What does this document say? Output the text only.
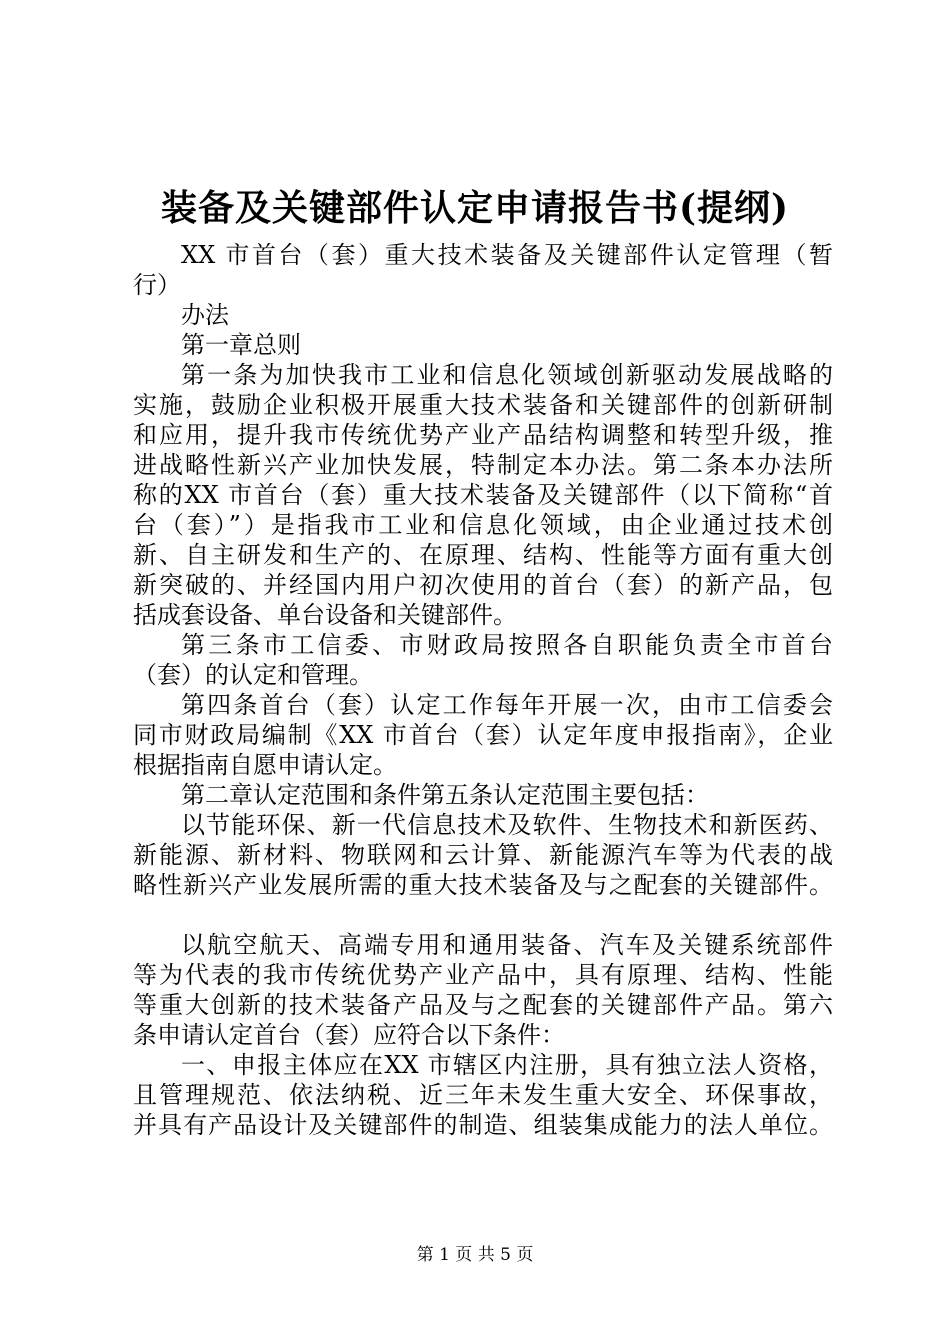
装备及关键部件认定申请报告书(提纲)
XX 市首台（套）重大技术装备及关键部件认定管理（暂
行）
办法
第一章总则
第一条为加快我市工业和信息化领域创新驱动发展战略的
实施，鼓励企业积极开展重大技术装备和关键部件的创新研制
和应用，提升我市传统优势产业产品结构调整和转型升级，推
进战略性新兴产业加快发展，特制定本办法。第二条本办法所
称的XX 市首台（套）重大技术装备及关键部件（以下简称“首
台（套）”）是指我市工业和信息化领域，由企业通过技术创
新、自主研发和生产的、在原理、结构、性能等方面有重大创
新突破的、并经国内用户初次使用的首台（套）的新产品，包
括成套设备、单台设备和关键部件。
第三条市工信委、市财政局按照各自职能负责全市首台
（套）的认定和管理。
第四条首台（套）认定工作每年开展一次，由市工信委会
同市财政局编制《XX 市首台（套）认定年度申报指南》，企业
根据指南自愿申请认定。
第二章认定范围和条件第五条认定范围主要包括：
以节能环保、新一代信息技术及软件、生物技术和新医药、
新能源、新材料、物联网和云计算、新能源汽车等为代表的战
略性新兴产业发展所需的重大技术装备及与之配套的关键部件。
以航空航天、高端专用和通用装备、汽车及关键系统部件
等为代表的我市传统优势产业产品中，具有原理、结构、性能
等重大创新的技术装备产品及与之配套的关键部件产品。第六
条申请认定首台（套）应符合以下条件：
一、申报主体应在XX 市辖区内注册，具有独立法人资格，
且管理规范、依法纳税、近三年未发生重大安全、环保事故，
并具有产品设计及关键部件的制造、组装集成能力的法人单位。
第 1 页 共 5 页
